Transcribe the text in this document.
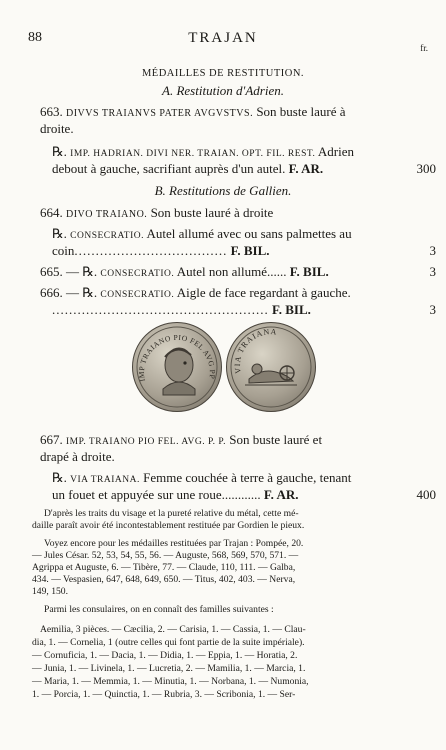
88	TRAJAN
fr.
MÉDAILLES DE RESTITUTION.
A. Restitution d'Adrien.
663. DIVVS TRAIANVS PATER AVGVSTVS. Son buste lauré à
droite.
℞. IMP. HADRIAN. DIVI NER. TRAIAN. OPT. FIL. REST. Adrien
debout à gauche, sacrifiant auprès d'un autel. F. AR.	300
B. Restitutions de Gallien.
664. DIVO TRAIANO. Son buste lauré à droite
℞. CONSECRATIO. Autel allumé avec ou sans palmettes au
coin.................................... F. BIL.	3
665. — ℞. CONSECRATIO. Autel non allumé...... F. BIL.	3
666. — ℞. CONSECRATIO. Aigle de face regardant à gauche.
................................................... F. BIL.	3
IMP TRAIANO PIO FEL AVG PP
VIA TRAIANA
667. IMP. TRAIANO PIO FEL. AVG. P. P. Son buste lauré et
drapé à droite.
℞. VIA TRAIANA. Femme couchée à terre à gauche, tenant
un fouet et appuyée sur une roue............ F. AR.	400
D'après les traits du visage et la pureté relative du métal, cette mé-
daille paraît avoir été incontestablement restituée par Gordien le pieux.
Voyez encore pour les médailles restituées par Trajan : Pompée, 20.
— Jules César. 52, 53, 54, 55, 56. — Auguste, 568, 569, 570, 571. —
Agrippa et Auguste, 6. — Tibère, 77. — Claude, 110, 111. — Galba,
434. — Vespasien, 647, 648, 649, 650. — Titus, 402, 403. — Nerva,
149, 150.
Parmi les consulaires, on en connaît des familles suivantes :
Aemilia, 3 pièces. — Cæcilia, 2. — Carisia, 1. — Cassia, 1. — Clau-
dia, 1. — Cornelia, 1 (outre celles qui font partie de la suite impériale).
— Cornuficia, 1. — Dacia, 1. — Didia, 1. — Eppia, 1. — Horatia, 2.
— Junia, 1. — Livinela, 1. — Lucretia, 2. — Mamilia, 1. — Marcia, 1.
— Maria, 1. — Memmia, 1. — Minutia, 1. — Norbana, 1. — Numonia,
1. — Porcia, 1. — Quinctia, 1. — Rubria, 3. — Scribonia, 1. — Ser-
